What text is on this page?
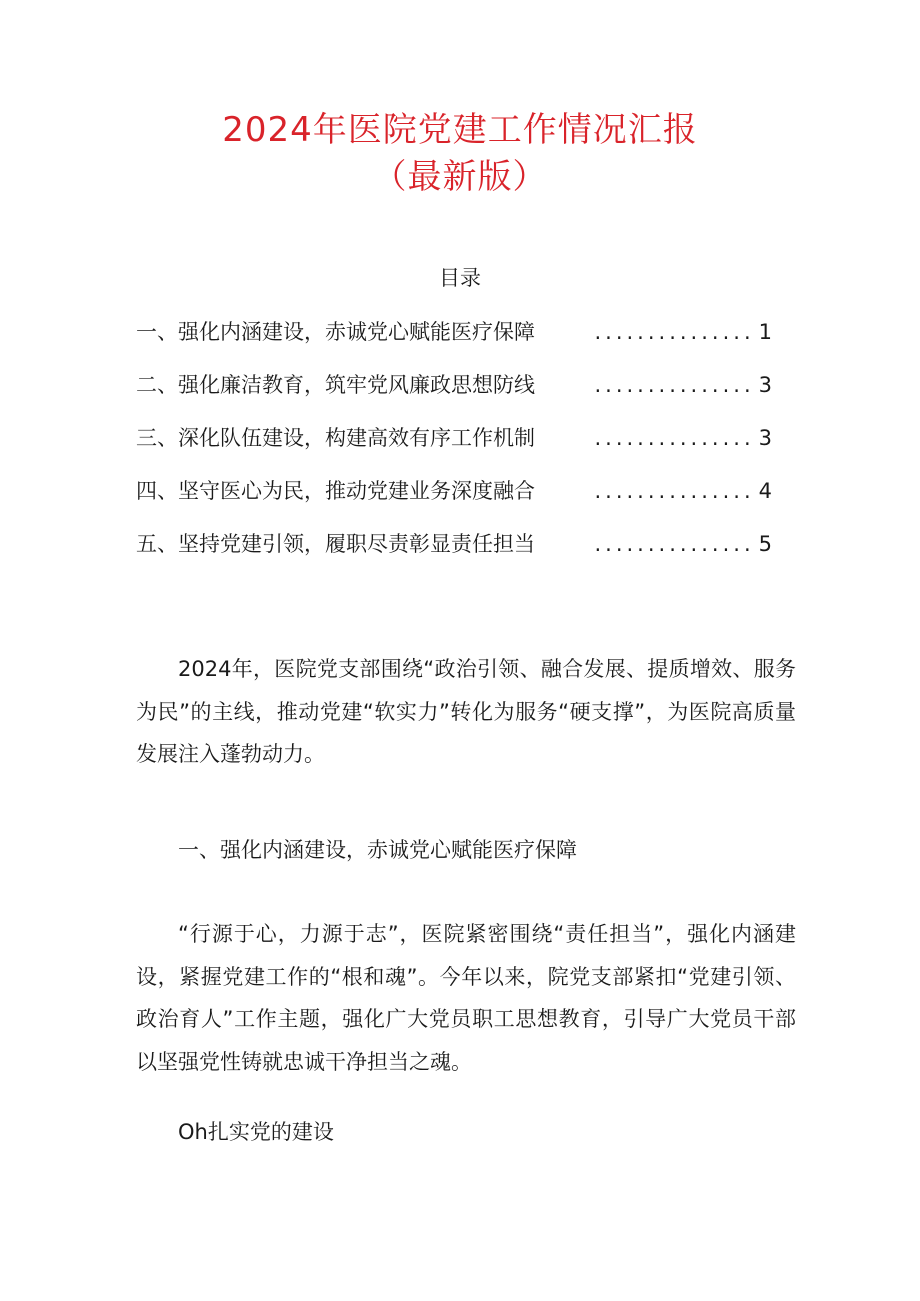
2024年医院党建工作情况汇报
（最新版）
目录
一、强化内涵建设，赤诚党心赋能医疗保障	............... 1
二、强化廉洁教育，筑牢党风廉政思想防线	............... 3
三、深化队伍建设，构建高效有序工作机制	............... 3
四、坚守医心为民，推动党建业务深度融合	............... 4
五、坚持党建引领，履职尽责彰显责任担当	............... 5

2024年，医院党支部围绕“政治引领、融合发展、提质增效、服务为民”的主线，推动党建“软实力”转化为服务“硬支撑”，为医院高质量发展注入蓬勃动力。

一、强化内涵建设，赤诚党心赋能医疗保障

“行源于心，力源于志”，医院紧密围绕“责任担当”，强化内涵建设，紧握党建工作的“根和魂”。今年以来，院党支部紧扣“党建引领、政治育人”工作主题，强化广大党员职工思想教育，引导广大党员干部以坚强党性铸就忠诚干净担当之魂。

Oh扎实党的建设
